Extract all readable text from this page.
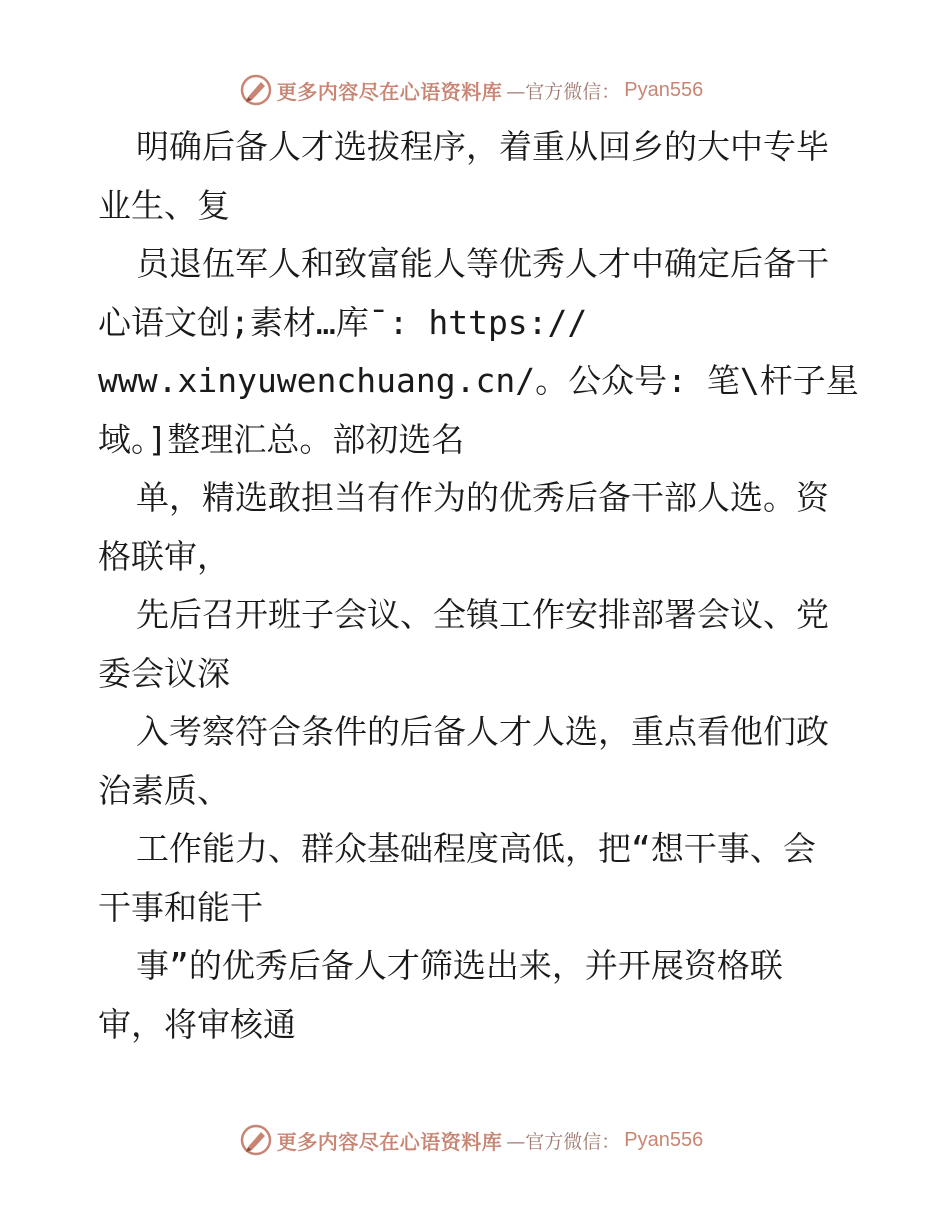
更多内容尽在心语资料库 —官方微信： Pyan556
明确后备人才选拔程序，着重从回乡的大中专毕
业生、复
员退伍军人和致富能人等优秀人才中确定后备干
心语文创;素材…库¯: https://
www.xinyuwenchuang.cn/。公众号: 笔\杆子星
域。]整理汇总。部初选名
单，精选敢担当有作为的优秀后备干部人选。资
格联审，
先后召开班子会议、全镇工作安排部署会议、党
委会议深
入考察符合条件的后备人才人选，重点看他们政
治素质、
工作能力、群众基础程度高低，把“想干事、会
干事和能干
事”的优秀后备人才筛选出来，并开展资格联
审，将审核通
更多内容尽在心语资料库 —官方微信： Pyan556
